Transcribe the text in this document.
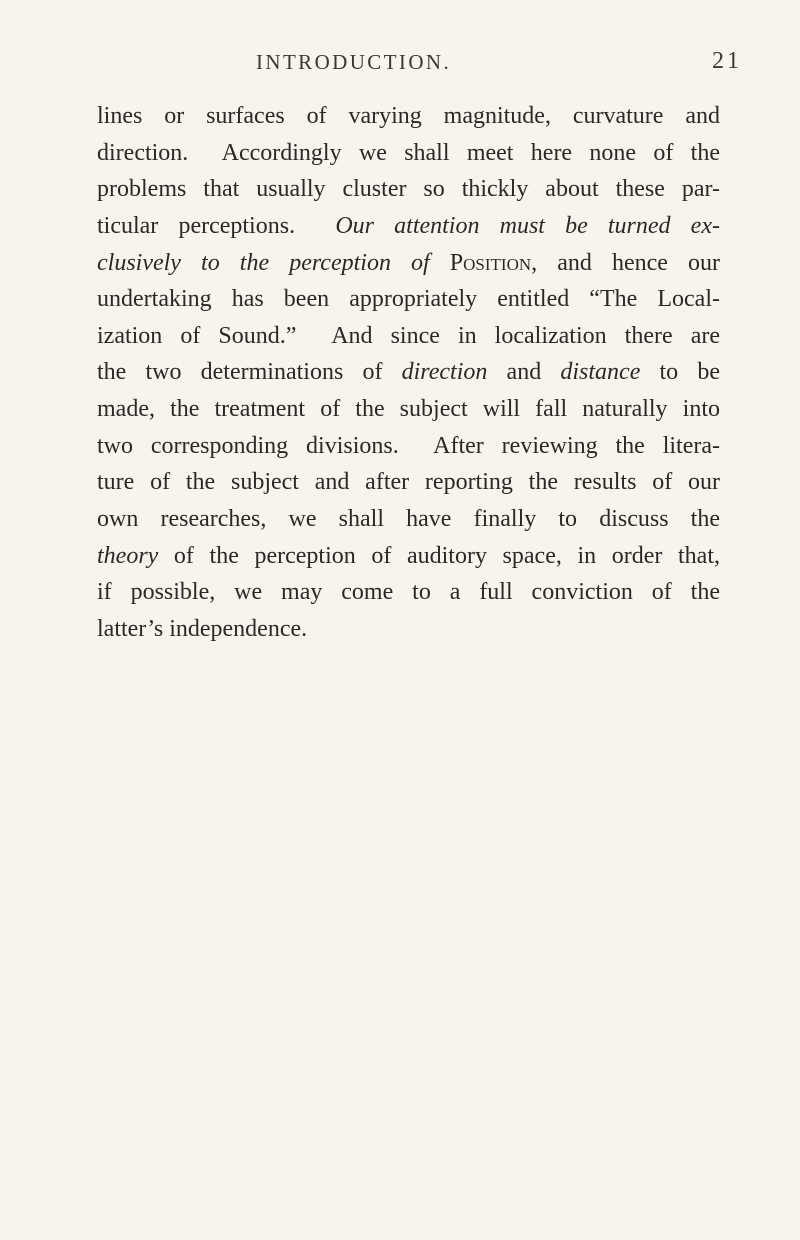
INTRODUCTION.	21
lines or surfaces of varying magnitude, curvature and
direction.  Accordingly we shall meet here none of the
problems that usually cluster so thickly about these par-
ticular perceptions.  Our attention must be turned ex-
clusively to the perception of Position, and hence our
undertaking has been appropriately entitled “The Local-
ization of Sound.”  And since in localization there are
the two determinations of direction and distance to be
made, the treatment of the subject will fall naturally into
two corresponding divisions.  After reviewing the litera-
ture of the subject and after reporting the results of our
own researches, we shall have finally to discuss the
theory of the perception of auditory space, in order that,
if possible, we may come to a full conviction of the
latter’s independence.
